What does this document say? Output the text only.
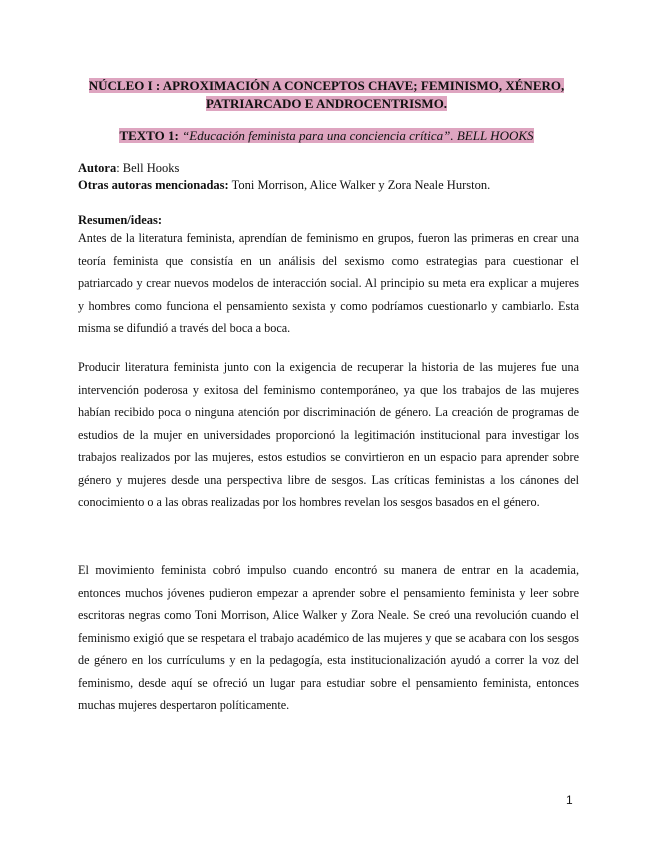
NÚCLEO I : APROXIMACIÓN A CONCEPTOS CHAVE; FEMINISMO, XÉNERO, PATRIARCADO E ANDROCENTRISMO.
TEXTO 1: “Educación feminista para una conciencia crítica”. BELL HOOKS
Autora: Bell Hooks
Otras autoras mencionadas: Toni Morrison, Alice Walker y Zora Neale Hurston.
Resumen/ideas:

Antes de la literatura feminista, aprendían de feminismo en grupos, fueron las primeras en crear una teoría feminista que consistía en un análisis del sexismo como estrategias para cuestionar el patriarcado y crear nuevos modelos de interacción social. Al principio su meta era explicar a mujeres y hombres como funciona el pensamiento sexista y como podríamos cuestionarlo y cambiarlo. Esta misma se difundió a través del boca a boca.

Producir literatura feminista junto con la exigencia de recuperar la historia de las mujeres fue una intervención poderosa y exitosa del feminismo contemporáneo, ya que los trabajos de las mujeres habían recibido poca o ninguna atención por discriminación de género. La creación de programas de estudios de la mujer en universidades proporcionó la legitimación institucional para investigar los trabajos realizados por las mujeres, estos estudios se convirtieron en un espacio para aprender sobre género y mujeres desde una perspectiva libre de sesgos. Las críticas feministas a los cánones del conocimiento o a las obras realizadas por los hombres revelan los sesgos basados en el género.

El movimiento feminista cobró impulso cuando encontró su manera de entrar en la academia, entonces muchos jóvenes pudieron empezar a aprender sobre el pensamiento feminista y leer sobre escritoras negras como Toni Morrison, Alice Walker y Zora Neale. Se creó una revolución cuando el feminismo exigió que se respetara el trabajo académico de las mujeres y que se acabara con los sesgos de género en los currículums y en la pedagogía, esta institucionalización ayudó a correr la voz del feminismo, desde aquí se ofreció un lugar para estudiar sobre el pensamiento feminista, entonces muchas mujeres despertaron políticamente.

1
